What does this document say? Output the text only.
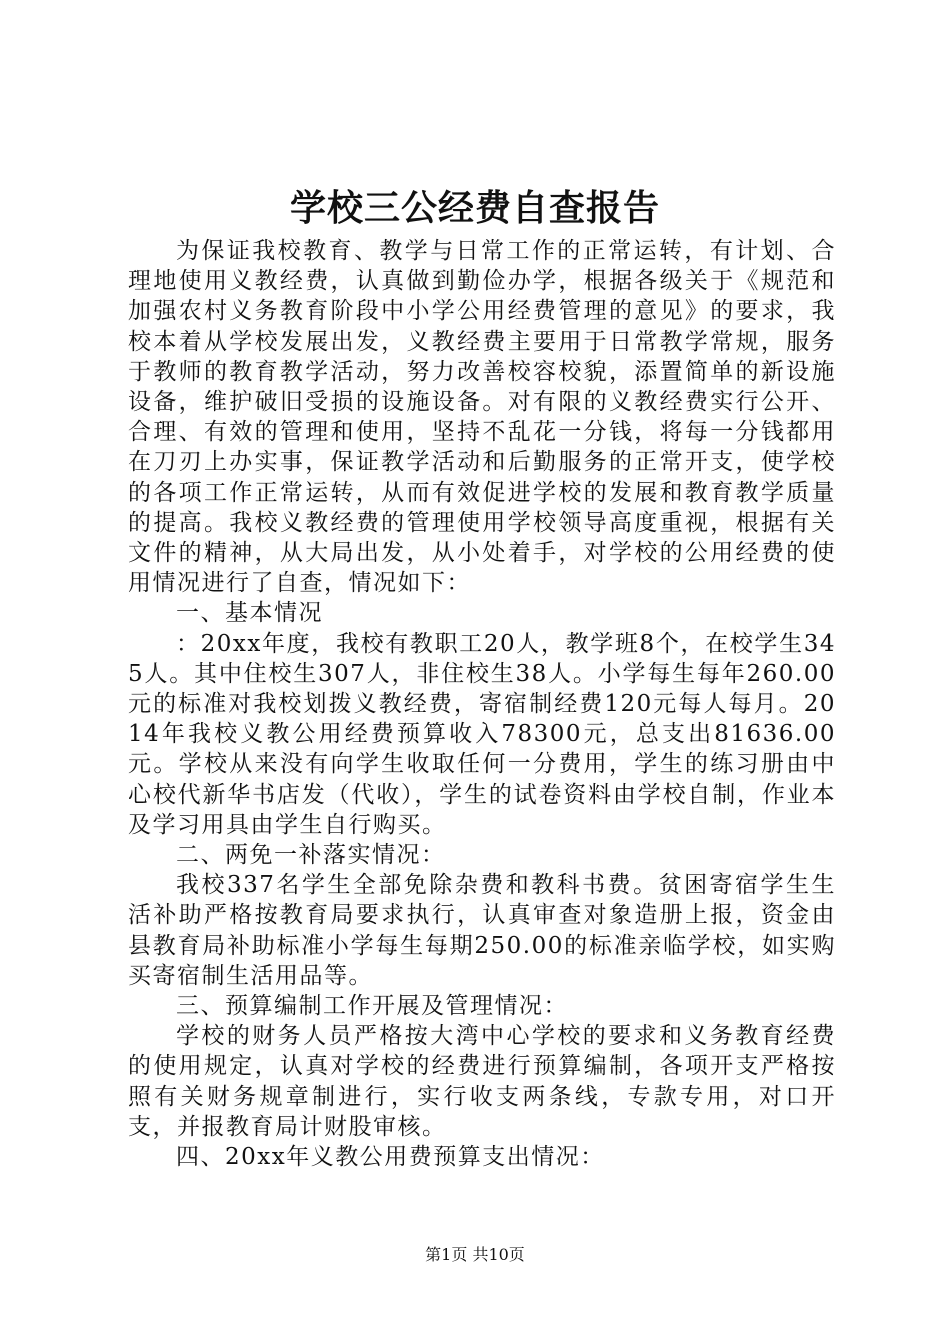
学校三公经费自查报告

为保证我校教育、教学与日常工作的正常运转，有计划、合理地使用义教经费，认真做到勤俭办学，根据各级关于《规范和加强农村义务教育阶段中小学公用经费管理的意见》的要求，我校本着从学校发展出发，义教经费主要用于日常教学常规，服务于教师的教育教学活动，努力改善校容校貌，添置简单的新设施设备，维护破旧受损的设施设备。对有限的义教经费实行公开、合理、有效的管理和使用，坚持不乱花一分钱，将每一分钱都用在刀刃上办实事，保证教学活动和后勤服务的正常开支，使学校的各项工作正常运转，从而有效促进学校的发展和教育教学质量的提高。我校义教经费的管理使用学校领导高度重视，根据有关文件的精神，从大局出发，从小处着手，对学校的公用经费的使用情况进行了自查，情况如下：

一、基本情况

：20xx年度，我校有教职工20人，教学班8个，在校学生345人。其中住校生307人，非住校生38人。小学每生每年260.00元的标准对我校划拨义教经费，寄宿制经费120元每人每月。2014年我校义教公用经费预算收入78300元，总支出81636.00元。学校从来没有向学生收取任何一分费用，学生的练习册由中心校代新华书店发（代收），学生的试卷资料由学校自制，作业本及学习用具由学生自行购买。

二、两免一补落实情况：

我校337名学生全部免除杂费和教科书费。贫困寄宿学生生活补助严格按教育局要求执行，认真审查对象造册上报，资金由县教育局补助标准小学每生每期250.00的标准亲临学校，如实购买寄宿制生活用品等。

三、预算编制工作开展及管理情况：

学校的财务人员严格按大湾中心学校的要求和义务教育经费的使用规定，认真对学校的经费进行预算编制，各项开支严格按照有关财务规章制进行，实行收支两条线，专款专用，对口开支，并报教育局计财股审核。

四、20xx年义教公用费预算支出情况：

第1页 共10页
